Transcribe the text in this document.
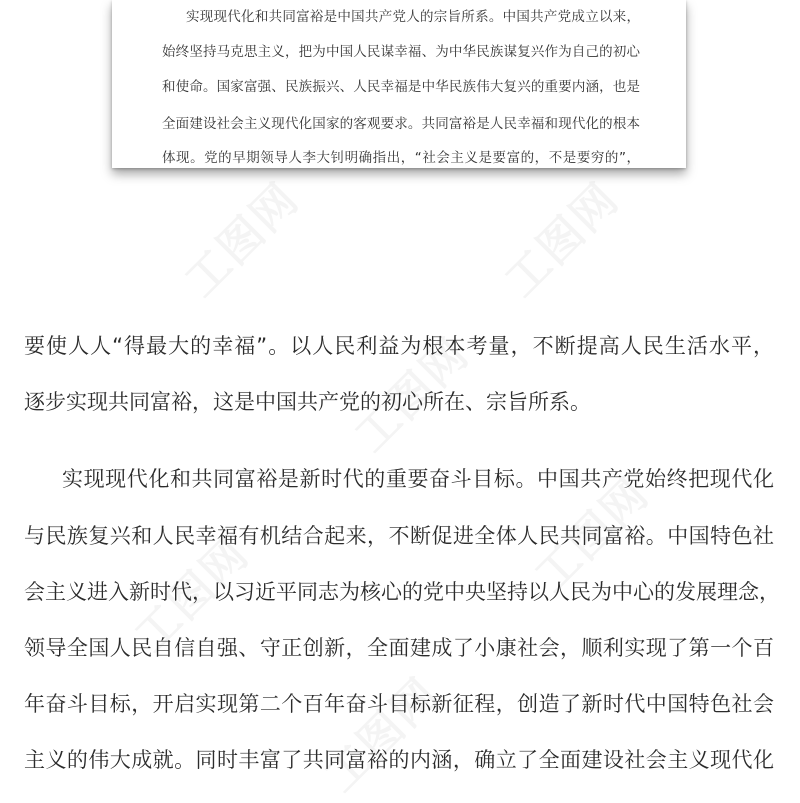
实现现代化和共同富裕是中国共产党人的宗旨所系。中国共产党成立以来，
始终坚持马克思主义，把为中国人民谋幸福、为中华民族谋复兴作为自己的初心
和使命。国家富强、民族振兴、人民幸福是中华民族伟大复兴的重要内涵，也是
全面建设社会主义现代化国家的客观要求。共同富裕是人民幸福和现代化的根本
体现。党的早期领导人李大钊明确指出，“社会主义是要富的，不是要穷的”，
要使人人“得最大的幸福”。以人民利益为根本考量，不断提高人民生活水平，
逐步实现共同富裕，这是中国共产党的初心所在、宗旨所系。
实现现代化和共同富裕是新时代的重要奋斗目标。中国共产党始终把现代化
与民族复兴和人民幸福有机结合起来，不断促进全体人民共同富裕。中国特色社
会主义进入新时代，以习近平同志为核心的党中央坚持以人民为中心的发展理念，
领导全国人民自信自强、守正创新，全面建成了小康社会，顺利实现了第一个百
年奋斗目标，开启实现第二个百年奋斗目标新征程，创造了新时代中国特色社会
主义的伟大成就。同时丰富了共同富裕的内涵，确立了全面建设社会主义现代化
